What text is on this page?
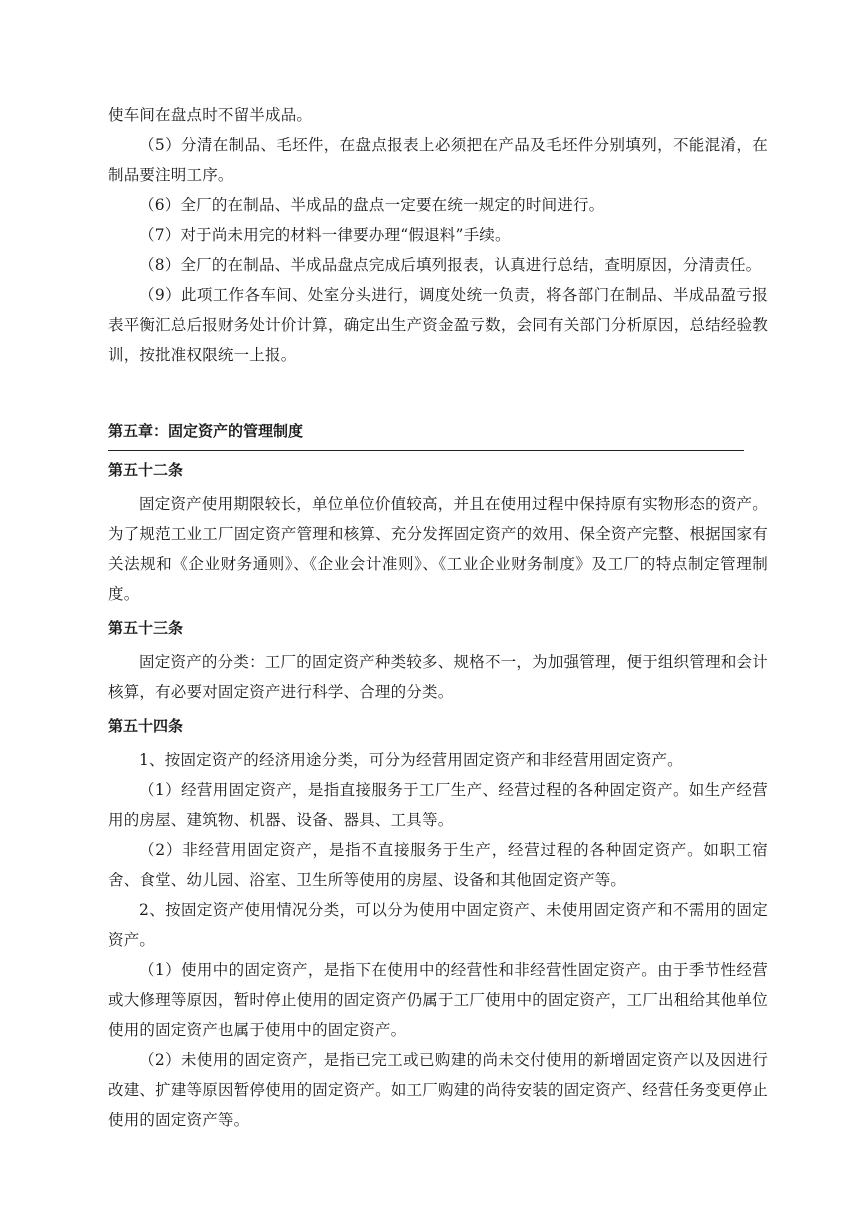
使车间在盘点时不留半成品。

（5）分清在制品、毛坯件，在盘点报表上必须把在产品及毛坯件分别填列，不能混淆，在制品要注明工序。

（6）全厂的在制品、半成品的盘点一定要在统一规定的时间进行。

（7）对于尚未用完的材料一律要办理“假退料”手续。

（8）全厂的在制品、半成品盘点完成后填列报表，认真进行总结，查明原因，分清责任。

（9）此项工作各车间、处室分头进行，调度处统一负责，将各部门在制品、半成品盈亏报表平衡汇总后报财务处计价计算，确定出生产资金盈亏数，会同有关部门分析原因，总结经验教训，按批准权限统一上报。

第五章：固定资产的管理制度

第五十二条

固定资产使用期限较长，单位单位价值较高，并且在使用过程中保持原有实物形态的资产。为了规范工业工厂固定资产管理和核算、充分发挥固定资产的效用、保全资产完整、根据国家有关法规和《企业财务通则》、《企业会计准则》、《工业企业财务制度》及工厂的特点制定管理制度。

第五十三条

固定资产的分类：工厂的固定资产种类较多、规格不一，为加强管理，便于组织管理和会计核算，有必要对固定资产进行科学、合理的分类。

第五十四条

1、按固定资产的经济用途分类，可分为经营用固定资产和非经营用固定资产。

（1）经营用固定资产，是指直接服务于工厂生产、经营过程的各种固定资产。如生产经营用的房屋、建筑物、机器、设备、器具、工具等。

（2）非经营用固定资产，是指不直接服务于生产，经营过程的各种固定资产。如职工宿舍、食堂、幼儿园、浴室、卫生所等使用的房屋、设备和其他固定资产等。

2、按固定资产使用情况分类，可以分为使用中固定资产、未使用固定资产和不需用的固定资产。

（1）使用中的固定资产，是指下在使用中的经营性和非经营性固定资产。由于季节性经营或大修理等原因，暂时停止使用的固定资产仍属于工厂使用中的固定资产，工厂出租给其他单位使用的固定资产也属于使用中的固定资产。

（2）未使用的固定资产，是指已完工或已购建的尚未交付使用的新增固定资产以及因进行改建、扩建等原因暂停使用的固定资产。如工厂购建的尚待安装的固定资产、经营任务变更停止使用的固定资产等。
